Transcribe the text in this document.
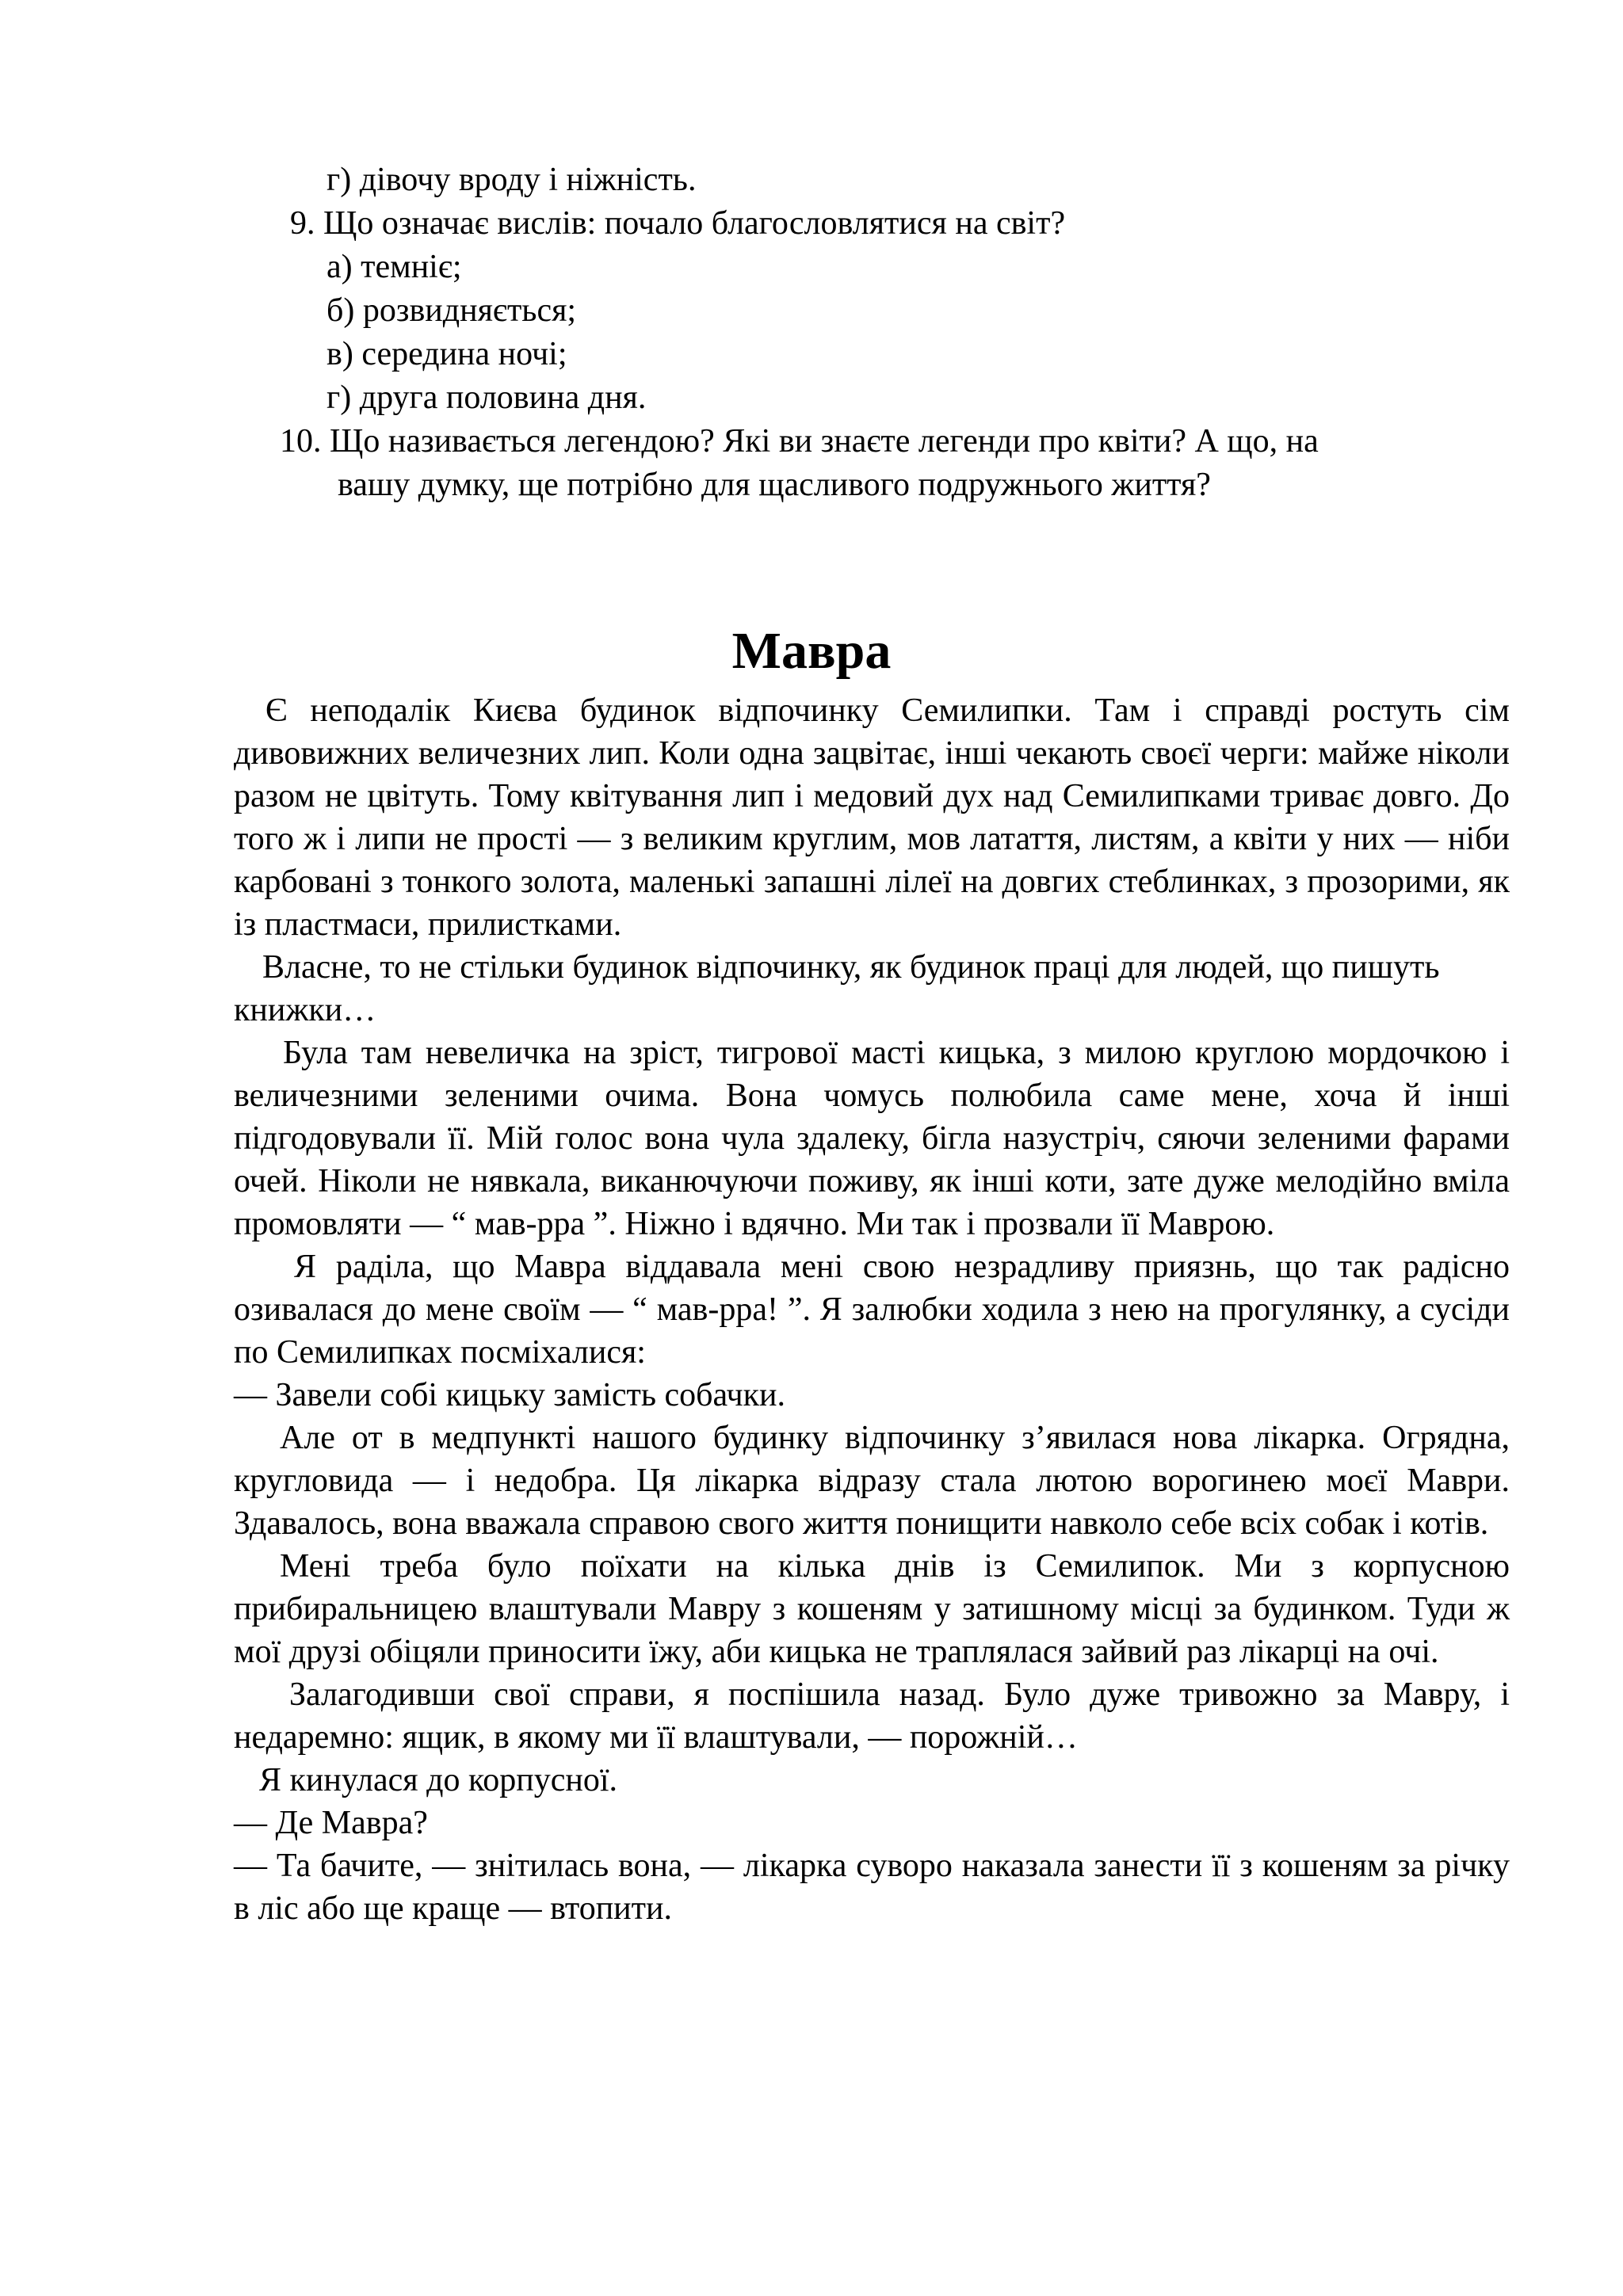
г) дівочу вроду і ніжність.
9. Що означає вислів: почало благословлятися на світ?
а) темніє;
б) розвидняється;
в) середина ночі;
г) друга половина дня.
10. Що називається легендою? Які ви знаєте легенди про квіти? А що, на
вашу думку, ще потрібно для щасливого подружнього життя?
Мавра

Є неподалік Києва будинок відпочинку Семилипки. Там і справді ростуть сім дивовижних величезних лип. Коли одна зацвітає, інші чекають своєї черги: майже ніколи разом не цвітуть. Тому квітування лип і медовий дух над Семилипками триває довго. До того ж і липи не прості — з великим круглим, мов латаття, листям, а квіти у них — ніби карбовані з тонкого золота, маленькі запашні лілеї на довгих стеблинках, з прозорими, як із пластмаси, прилистками.

Власне, то не стільки будинок відпочинку, як будинок праці для людей, що пишуть книжки…

Була там невеличка на зріст, тигрової масті кицька, з милою круглою мордочкою і величезними зеленими очима. Вона чомусь полюбила саме мене, хоча й інші підгодовували її. Мій голос вона чула здалеку, бігла назустріч, сяючи зеленими фарами очей. Ніколи не нявкала, виканючуючи поживу, як інші коти, зате дуже мелодійно вміла промовляти — “ мав-рра ”. Ніжно і вдячно. Ми так і прозвали її Маврою.

Я раділа, що Мавра віддавала мені свою незрадливу приязнь, що так радісно озивалася до мене своїм — “ мав-рра! ”. Я залюбки ходила з нею на прогулянку, а сусіди по Семилипках посміхалися:

— Завели собі кицьку замість собачки.

Але от в медпункті нашого будинку відпочинку з’явилася нова лікарка. Огрядна, кругловида — і недобра. Ця лікарка відразу стала лютою ворогинею моєї Маври. Здавалось, вона вважала справою свого життя понищити навколо себе всіх собак і котів.

Мені треба було поїхати на кілька днів із Семилипок. Ми з корпусною прибиральницею влаштували Мавру з кошеням у затишному місці за будинком. Туди ж мої друзі обіцяли приносити їжу, аби кицька не траплялася зайвий раз лікарці на очі.

Залагодивши свої справи, я поспішила назад. Було дуже тривожно за Мавру, і недаремно: ящик, в якому ми її влаштували, — порожній…

Я кинулася до корпусної.

— Де Мавра?

— Та бачите, — знітилась вона, — лікарка суворо наказала занести її з кошеням за річку в ліс або ще краще — втопити.
